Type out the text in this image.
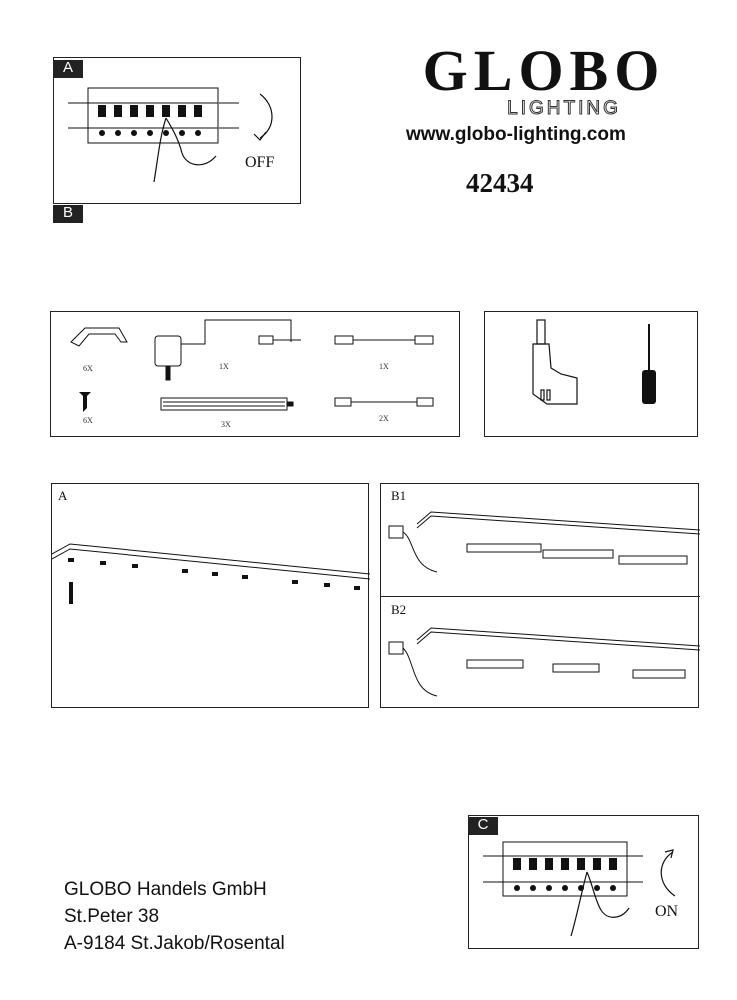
A
B
OFF
GLOBO
LIGHTING
www.globo-lighting.com
42434
6X	1X	1X
6X	3X
2X
A	B1
B2
GLOBO Handels GmbH
St.Peter 38
A-9184 St.Jakob/Rosental
C
ON
